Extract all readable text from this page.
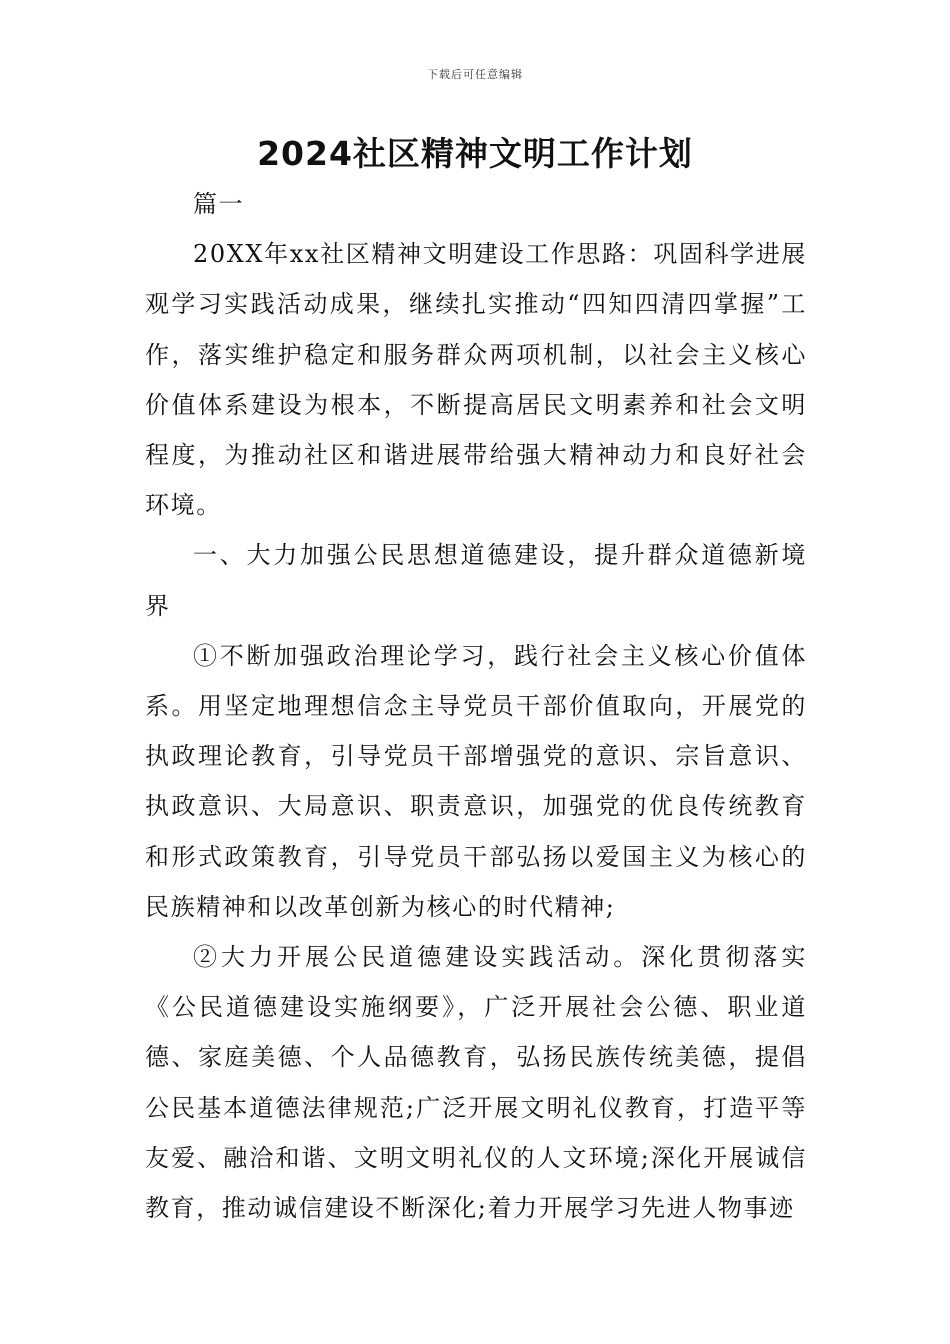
下载后可任意编辑
2024社区精神文明工作计划

篇一

20XX年xx社区精神文明建设工作思路：巩固科学进展观学习实践活动成果，继续扎实推动“四知四清四掌握”工作，落实维护稳定和服务群众两项机制，以社会主义核心价值体系建设为根本，不断提高居民文明素养和社会文明程度，为推动社区和谐进展带给强大精神动力和良好社会环境。

一、大力加强公民思想道德建设，提升群众道德新境界

①不断加强政治理论学习，践行社会主义核心价值体系。用坚定地理想信念主导党员干部价值取向，开展党的执政理论教育，引导党员干部增强党的意识、宗旨意识、执政意识、大局意识、职责意识，加强党的优良传统教育和形式政策教育，引导党员干部弘扬以爱国主义为核心的民族精神和以改革创新为核心的时代精神;

②大力开展公民道德建设实践活动。深化贯彻落实《公民道德建设实施纲要》，广泛开展社会公德、职业道德、家庭美德、个人品德教育，弘扬民族传统美德，提倡公民基本道德法律规范;广泛开展文明礼仪教育，打造平等友爱、融洽和谐、文明文明礼仪的人文环境;深化开展诚信教育，推动诚信建设不断深化;着力开展学习先进人物事迹
